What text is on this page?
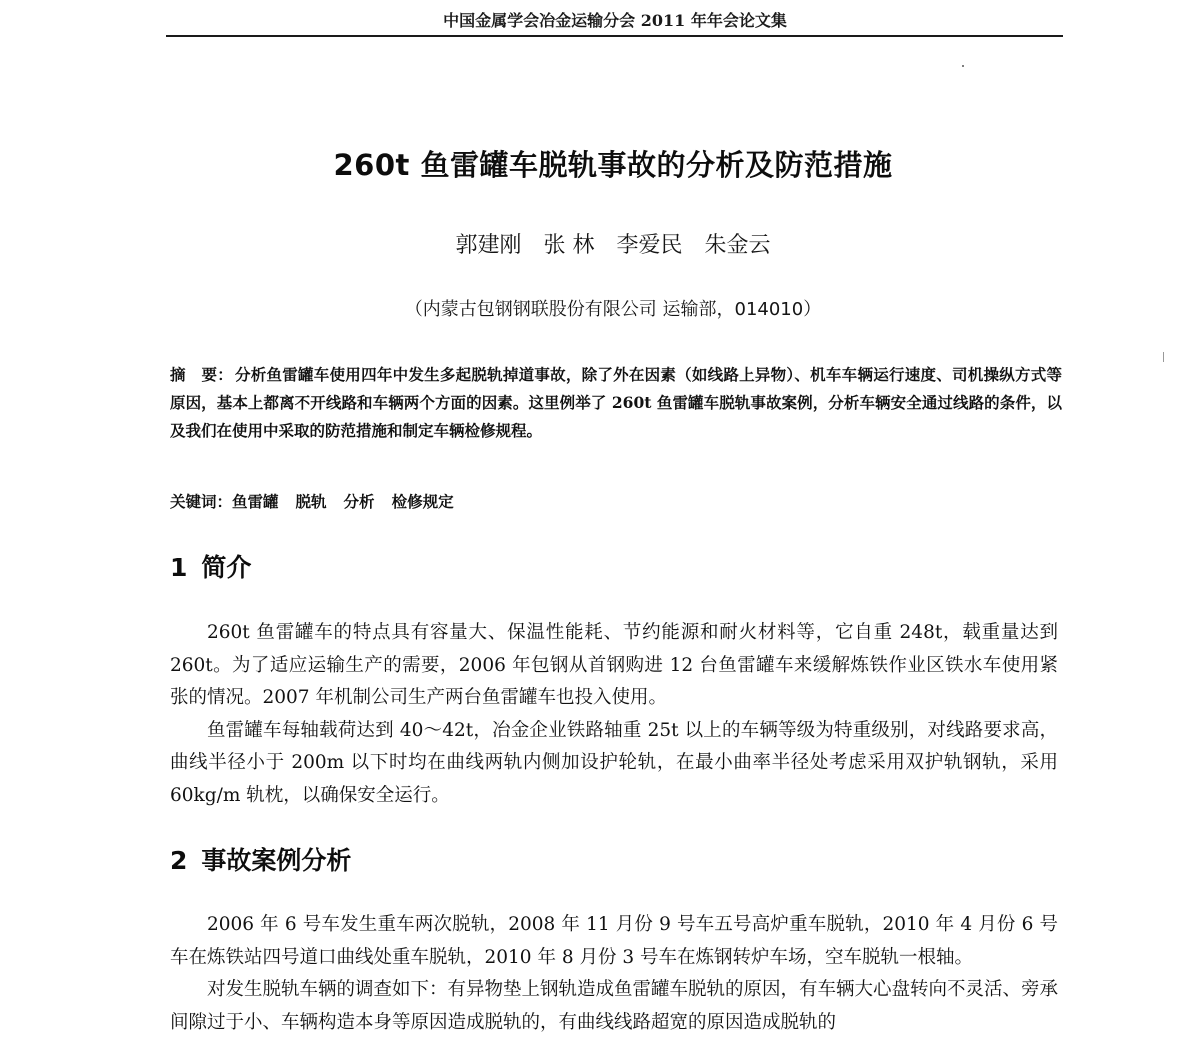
中国金属学会冶金运输分会 2011 年年会论文集
260t 鱼雷罐车脱轨事故的分析及防范措施
郭建刚 张 林 李爱民 朱金云
（内蒙古包钢钢联股份有限公司 运输部，014010）
摘　要： 分析鱼雷罐车使用四年中发生多起脱轨掉道事故，除了外在因素（如线路上异物）、机车车辆运行速度、司机操纵方式等原因，基本上都离不开线路和车辆两个方面的因素。这里例举了 260t 鱼雷罐车脱轨事故案例，分析车辆安全通过线路的条件，以及我们在使用中采取的防范措施和制定车辆检修规程。
关键词：鱼雷罐 脱轨 分析 检修规定
1 简介

260t 鱼雷罐车的特点具有容量大、保温性能耗、节约能源和耐火材料等，它自重 248t，载重量达到 260t。为了适应运输生产的需要，2006 年包钢从首钢购进 12 台鱼雷罐车来缓解炼铁作业区铁水车使用紧张的情况。2007 年机制公司生产两台鱼雷罐车也投入使用。

鱼雷罐车每轴载荷达到 40～42t，冶金企业铁路轴重 25t 以上的车辆等级为特重级别，对线路要求高，曲线半径小于 200m 以下时均在曲线两轨内侧加设护轮轨，在最小曲率半径处考虑采用双护轨钢轨，采用 60kg/m 轨枕，以确保安全运行。

2 事故案例分析

2006 年 6 号车发生重车两次脱轨，2008 年 11 月份 9 号车五号高炉重车脱轨，2010 年 4 月份 6 号车在炼铁站四号道口曲线处重车脱轨，2010 年 8 月份 3 号车在炼钢转炉车场，空车脱轨一根轴。

对发生脱轨车辆的调查如下：有异物垫上钢轨造成鱼雷罐车脱轨的原因，有车辆大心盘转向不灵活、旁承间隙过于小、车辆构造本身等原因造成脱轨的，有曲线线路超宽的原因造成脱轨的
